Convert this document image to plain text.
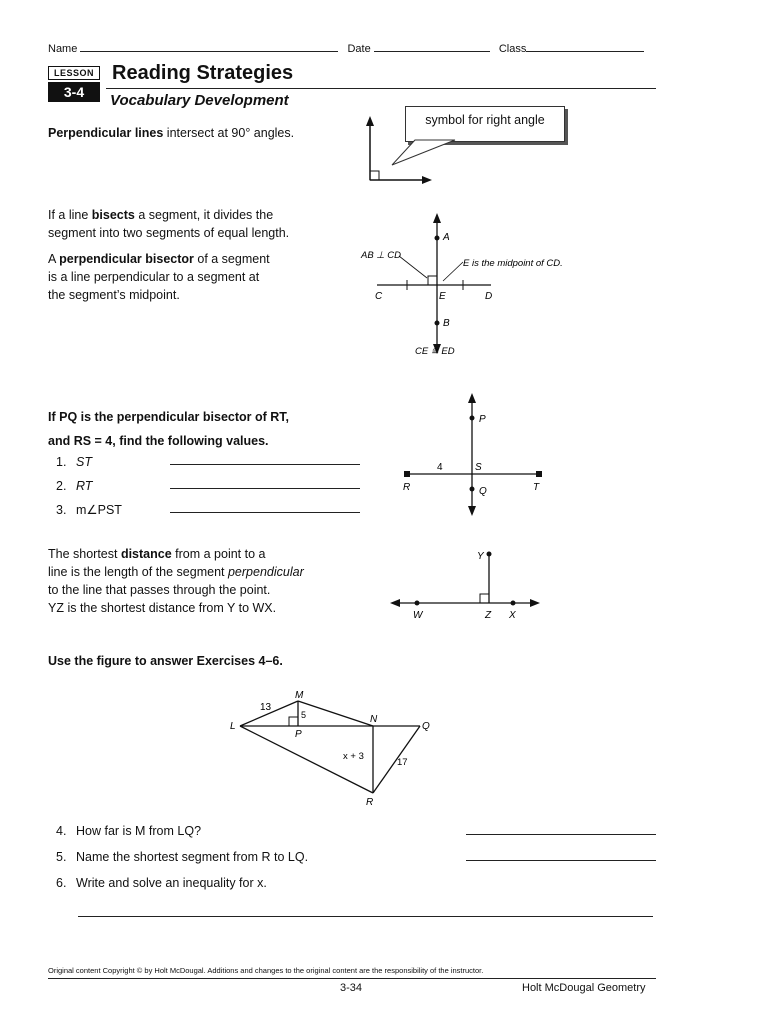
Name	Date	Class
LESSON
3-4
Reading Strategies
Vocabulary Development
Perpendicular lines intersect at 90° angles.
symbol for right angle
If a line bisects a segment, it divides the
segment into two segments of equal length.
A perpendicular bisector of a segment
is a line perpendicular to a segment at
the segment’s midpoint.
A
B
C	D
E
AB ⊥ CD
E is the midpoint of CD.
CE ≅ ED
If PQ is the perpendicular bisector of RT,
and RS = 4, find the following values.
1. ST
2. RT
3. m∠PST
P
S
Q
R	T
4
The shortest distance from a point to a
line is the length of the segment perpendicular
to the line that passes through the point.
YZ is the shortest distance from Y to WX.
Y
W	Z X
Use the figure to answer Exercises 4–6.
M
L
P
N
Q
R
13
5
x + 3
17
4. How far is M from LQ?
5. Name the shortest segment from R to LQ.
6. Write and solve an inequality for x.
Original content Copyright © by Holt McDougal. Additions and changes to the original content are the responsibility of the instructor.
3-34	Holt McDougal Geometry
